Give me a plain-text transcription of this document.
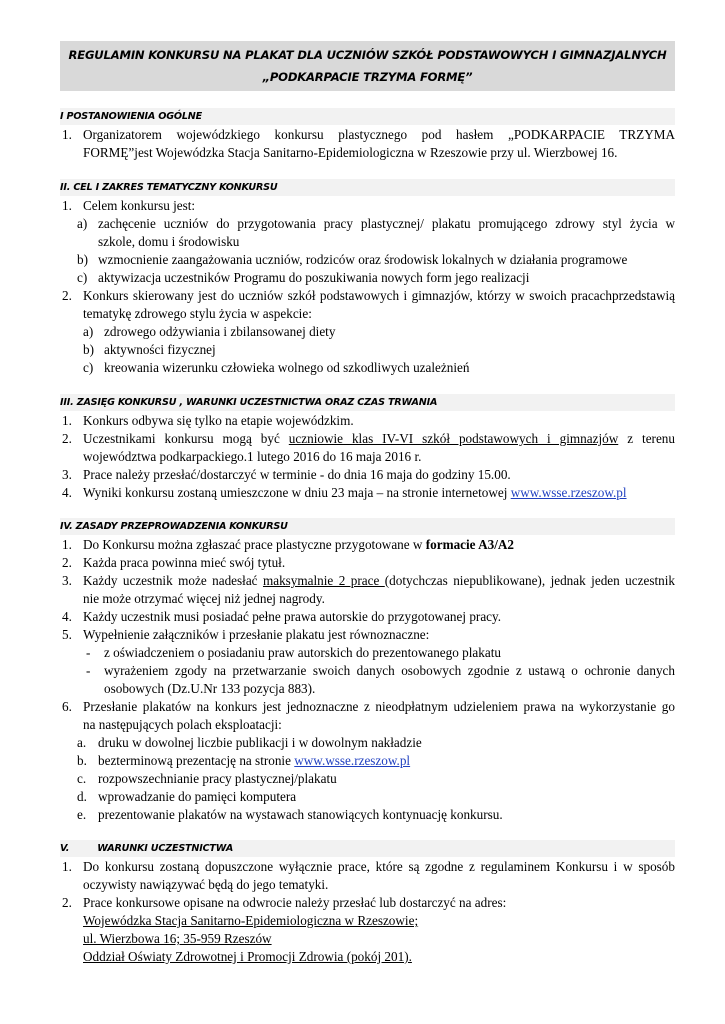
REGULAMIN KONKURSU NA PLAKAT DLA UCZNIÓW SZKÓŁ PODSTAWOWYCH I GIMNAZJALNYCH
„PODKARPACIE TRZYMA FORMĘ”
I POSTANOWIENIA OGÓLNE
1. Organizatorem wojewódzkiego konkursu plastycznego pod hasłem „PODKARPACIE TRZYMA
FORMĘ”jest Wojewódzka Stacja Sanitarno-Epidemiologiczna w Rzeszowie przy ul. Wierzbowej 16.
II. CEL I ZAKRES TEMATYCZNY KONKURSU
1. Celem konkursu jest:
a) zachęcenie uczniów do przygotowania pracy plastycznej/ plakatu promującego zdrowy styl życia w
szkole, domu i środowisku
b) wzmocnienie zaangażowania uczniów, rodziców oraz środowisk lokalnych w działania programowe
c) aktywizacja uczestników Programu do poszukiwania nowych form jego realizacji
2. Konkurs skierowany jest do uczniów szkół podstawowych i gimnazjów, którzy w swoich pracachprzedstawią
tematykę zdrowego stylu życia w aspekcie:
a) zdrowego odżywiania i zbilansowanej diety
b) aktywności fizycznej
c) kreowania wizerunku człowieka wolnego od szkodliwych uzależnień
III. ZASIĘG KONKURSU , WARUNKI UCZESTNICTWA ORAZ CZAS TRWANIA
1. Konkurs odbywa się tylko na etapie wojewódzkim.
2. Uczestnikami konkursu mogą być uczniowie klas IV-VI szkół podstawowych i gimnazjów z terenu
województwa podkarpackiego.1 lutego 2016 do 16 maja 2016 r.
3. Prace należy przesłać/dostarczyć w terminie - do dnia 16 maja do godziny 15.00.
4. Wyniki konkursu zostaną umieszczone w dniu 23 maja – na stronie internetowej www.wsse.rzeszow.pl
IV. ZASADY PRZEPROWADZENIA KONKURSU
1. Do Konkursu można zgłaszać prace plastyczne przygotowane w formacie A3/A2
2. Każda praca powinna mieć swój tytuł.
3. Każdy uczestnik może nadesłać maksymalnie 2 prace (dotychczas niepublikowane), jednak jeden uczestnik
nie może otrzymać więcej niż jednej nagrody.
4. Każdy uczestnik musi posiadać pełne prawa autorskie do przygotowanej pracy.
5. Wypełnienie załączników i przesłanie plakatu jest równoznaczne:
- z oświadczeniem o posiadaniu praw autorskich do prezentowanego plakatu
- wyrażeniem zgody na przetwarzanie swoich danych osobowych zgodnie z ustawą o ochronie danych
osobowych (Dz.U.Nr 133 pozycja 883).
6. Przesłanie plakatów na konkurs jest jednoznaczne z nieodpłatnym udzieleniem prawa na wykorzystanie go
na następujących polach eksploatacji:
a. druku w dowolnej liczbie publikacji i w dowolnym nakładzie
b. bezterminową prezentację na stronie www.wsse.rzeszow.pl
c. rozpowszechnianie pracy plastycznej/plakatu
d. wprowadzanie do pamięci komputera
e. prezentowanie plakatów na wystawach stanowiących kontynuację konkursu.
V.	WARUNKI UCZESTNICTWA
1. Do konkursu zostaną dopuszczone wyłącznie prace, które są zgodne z regulaminem Konkursu i w sposób
oczywisty nawiązywać będą do jego tematyki.
2. Prace konkursowe opisane na odwrocie należy przesłać lub dostarczyć na adres:
Wojewódzka Stacja Sanitarno-Epidemiologiczna w Rzeszowie;
ul. Wierzbowa 16; 35-959 Rzeszów
Oddział Oświaty Zdrowotnej i Promocji Zdrowia (pokój 201).
